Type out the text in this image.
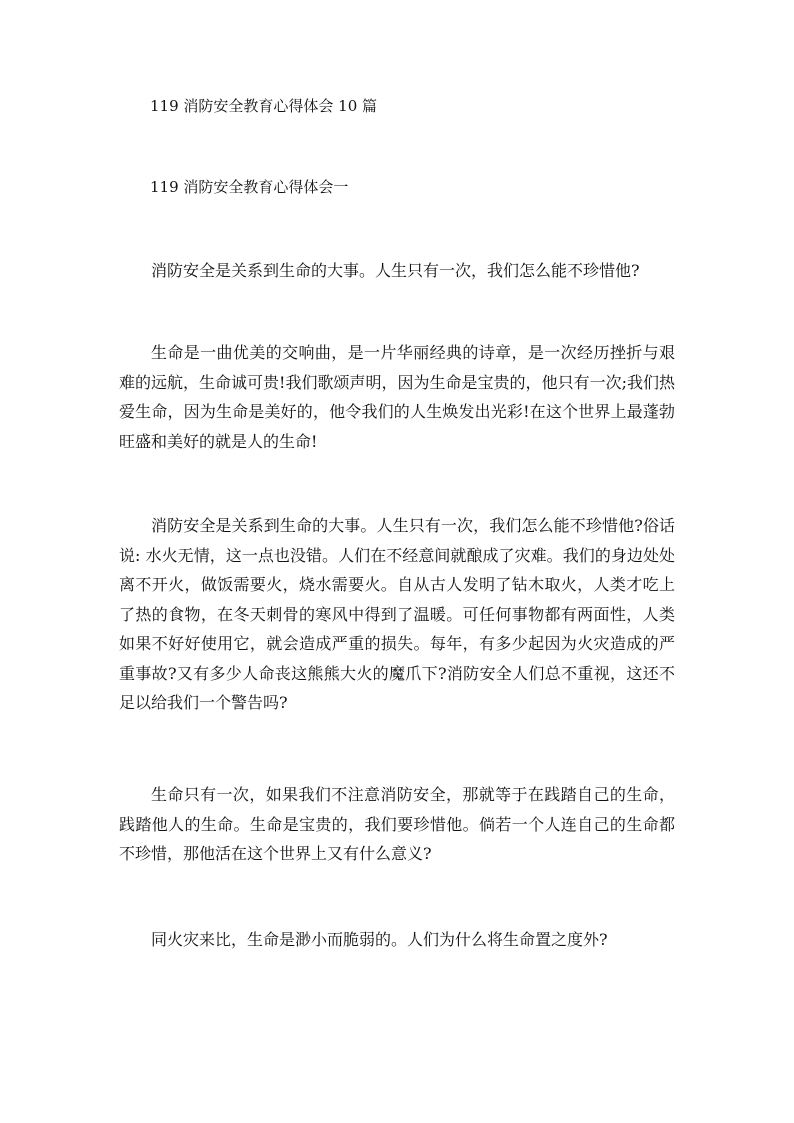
119 消防安全教育心得体会 10 篇
119 消防安全教育心得体会一

消防安全是关系到生命的大事。人生只有一次，我们怎么能不珍惜他?

生命是一曲优美的交响曲，是一片华丽经典的诗章，是一次经历挫折与艰难的远航，生命诚可贵!我们歌颂声明，因为生命是宝贵的，他只有一次;我们热爱生命，因为生命是美好的，他令我们的人生焕发出光彩!在这个世界上最蓬勃旺盛和美好的就是人的生命!

消防安全是关系到生命的大事。人生只有一次，我们怎么能不珍惜他?俗话说: 水火无情，这一点也没错。人们在不经意间就酿成了灾难。我们的身边处处离不开火，做饭需要火，烧水需要火。自从古人发明了钻木取火，人类才吃上了热的食物，在冬天刺骨的寒风中得到了温暖。可任何事物都有两面性，人类如果不好好使用它，就会造成严重的损失。每年，有多少起因为火灾造成的严重事故?又有多少人命丧这熊熊大火的魔爪下?消防安全人们总不重视，这还不足以给我们一个警告吗?

生命只有一次，如果我们不注意消防安全，那就等于在践踏自己的生命，践踏他人的生命。生命是宝贵的，我们要珍惜他。倘若一个人连自己的生命都不珍惜，那他活在这个世界上又有什么意义?

同火灾来比，生命是渺小而脆弱的。人们为什么将生命置之度外?
